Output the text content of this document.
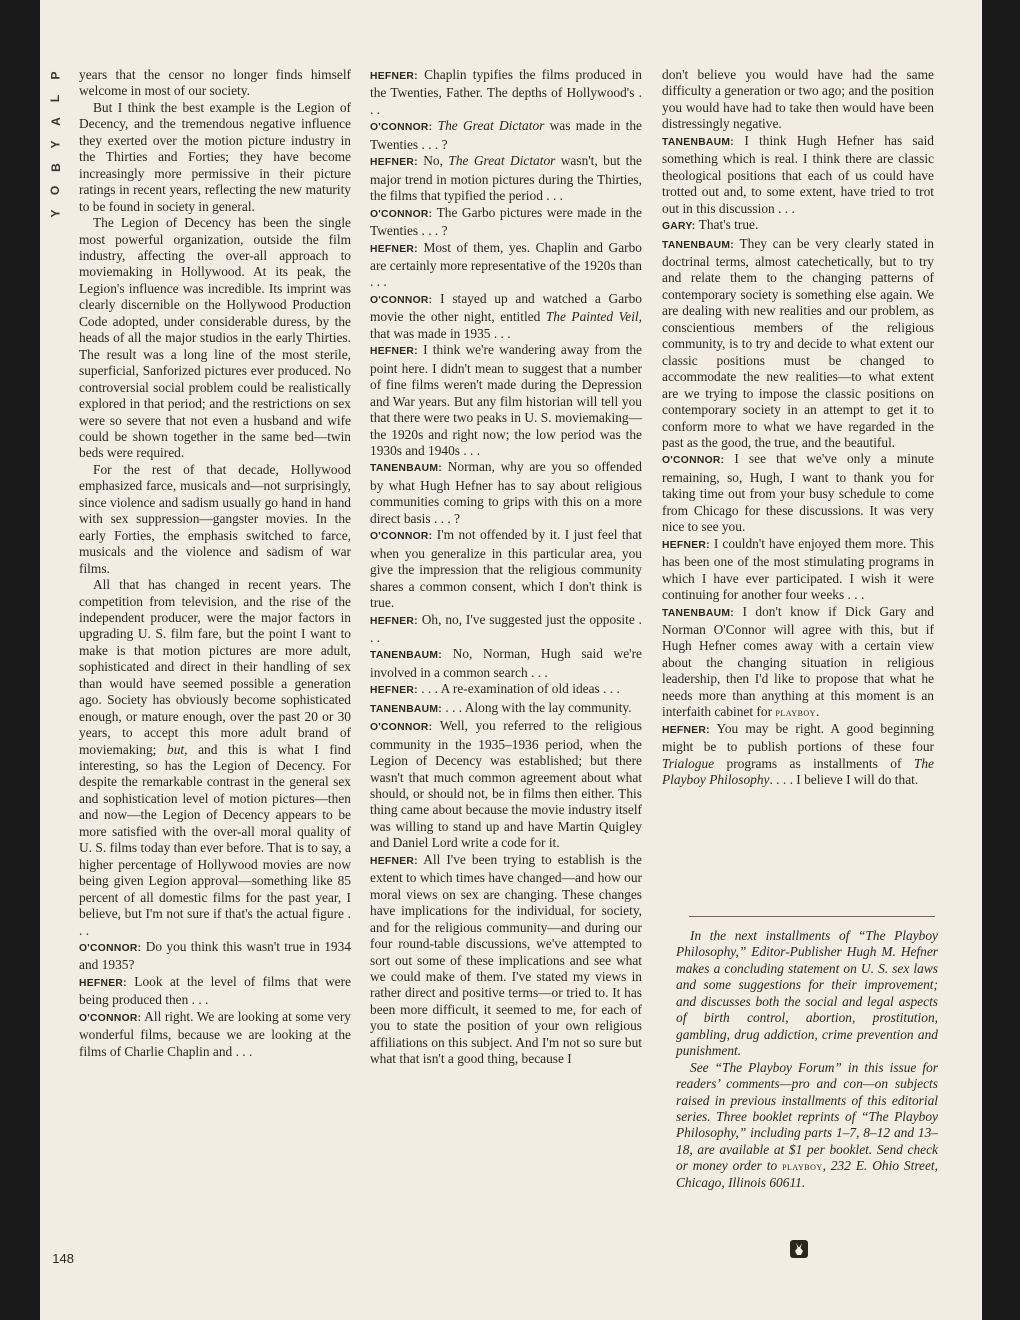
P
L
A
Y
B
O
Y

years that the censor no longer finds himself welcome in most of our society.

But I think the best example is the Legion of Decency, and the tremendous negative influence they exerted over the motion picture industry in the Thirties and Forties; they have become increasingly more permissive in their picture ratings in recent years, reflecting the new maturity to be found in society in general.

The Legion of Decency has been the single most powerful organization, outside the film industry, affecting the over-all approach to moviemaking in Hollywood. At its peak, the Legion's influence was incredible. Its imprint was clearly discernible on the Hollywood Production Code adopted, under considerable duress, by the heads of all the major studios in the early Thirties. The result was a long line of the most sterile, superficial, Sanforized pictures ever produced. No controversial social problem could be realistically explored in that period; and the restrictions on sex were so severe that not even a husband and wife could be shown together in the same bed—twin beds were required.

For the rest of that decade, Hollywood emphasized farce, musicals and—not surprisingly, since violence and sadism usually go hand in hand with sex suppression—gangster movies. In the early Forties, the emphasis switched to farce, musicals and the violence and sadism of war films.

All that has changed in recent years. The competition from television, and the rise of the independent producer, were the major factors in upgrading U. S. film fare, but the point I want to make is that motion pictures are more adult, sophisticated and direct in their handling of sex than would have seemed possible a generation ago. Society has obviously become sophisticated enough, or mature enough, over the past 20 or 30 years, to accept this more adult brand of moviemaking; but, and this is what I find interesting, so has the Legion of Decency. For despite the remarkable contrast in the general sex and sophistication level of motion pictures—then and now—the Legion of Decency appears to be more satisfied with the over-all moral quality of U. S. films today than ever before. That is to say, a higher percentage of Hollywood movies are now being given Legion approval—something like 85 percent of all domestic films for the past year, I believe, but I'm not sure if that's the actual figure . . .

O'CONNOR: Do you think this wasn't true in 1934 and 1935?

HEFNER: Look at the level of films that were being produced then . . .

O'CONNOR: All right. We are looking at some very wonderful films, because we are looking at the films of Charlie Chaplin and . . .

HEFNER: Chaplin typifies the films produced in the Twenties, Father. The depths of Hollywood's . . .

O'CONNOR: The Great Dictator was made in the Twenties . . . ?

HEFNER: No, The Great Dictator wasn't, but the major trend in motion pictures during the Thirties, the films that typified the period . . .

O'CONNOR: The Garbo pictures were made in the Twenties . . . ?

HEFNER: Most of them, yes. Chaplin and Garbo are certainly more representative of the 1920s than . . .

O'CONNOR: I stayed up and watched a Garbo movie the other night, entitled The Painted Veil, that was made in 1935 . . .

HEFNER: I think we're wandering away from the point here. I didn't mean to suggest that a number of fine films weren't made during the Depression and War years. But any film historian will tell you that there were two peaks in U. S. moviemaking—the 1920s and right now; the low period was the 1930s and 1940s . . .

TANENBAUM: Norman, why are you so offended by what Hugh Hefner has to say about religious communities coming to grips with this on a more direct basis . . . ?

O'CONNOR: I'm not offended by it. I just feel that when you generalize in this particular area, you give the impression that the religious community shares a common consent, which I don't think is true.

HEFNER: Oh, no, I've suggested just the opposite . . .

TANENBAUM: No, Norman, Hugh said we're involved in a common search . . .

HEFNER: . . . A re-examination of old ideas . . .

TANENBAUM: . . . Along with the lay community.

O'CONNOR: Well, you referred to the religious community in the 1935–1936 period, when the Legion of Decency was established; but there wasn't that much common agreement about what should, or should not, be in films then either. This thing came about because the movie industry itself was willing to stand up and have Martin Quigley and Daniel Lord write a code for it.

HEFNER: All I've been trying to establish is the extent to which times have changed—and how our moral views on sex are changing. These changes have implications for the individual, for society, and for the religious community—and during our four round-table discussions, we've attempted to sort out some of these implications and see what we could make of them. I've stated my views in rather direct and positive terms—or tried to. It has been more difficult, it seemed to me, for each of you to state the position of your own religious affiliations on this subject. And I'm not so sure but what that isn't a good thing, because I

don't believe you would have had the same difficulty a generation or two ago; and the position you would have had to take then would have been distressingly negative.

TANENBAUM: I think Hugh Hefner has said something which is real. I think there are classic theological positions that each of us could have trotted out and, to some extent, have tried to trot out in this discussion . . .

GARY: That's true.

TANENBAUM: They can be very clearly stated in doctrinal terms, almost catechetically, but to try and relate them to the changing patterns of contemporary society is something else again. We are dealing with new realities and our problem, as conscientious members of the religious community, is to try and decide to what extent our classic positions must be changed to accommodate the new realities—to what extent are we trying to impose the classic positions on contemporary society in an attempt to get it to conform more to what we have regarded in the past as the good, the true, and the beautiful.

O'CONNOR: I see that we've only a minute remaining, so, Hugh, I want to thank you for taking time out from your busy schedule to come from Chicago for these discussions. It was very nice to see you.

HEFNER: I couldn't have enjoyed them more. This has been one of the most stimulating programs in which I have ever participated. I wish it were continuing for another four weeks . . .

TANENBAUM: I don't know if Dick Gary and Norman O'Connor will agree with this, but if Hugh Hefner comes away with a certain view about the changing situation in religious leadership, then I'd like to propose that what he needs more than anything at this moment is an interfaith cabinet for playboy.

HEFNER: You may be right. A good beginning might be to publish portions of these four Trialogue programs as installments of The Playboy Philosophy. . . . I believe I will do that.

In the next installments of “The Playboy Philosophy,” Editor-Publisher Hugh M. Hefner makes a concluding statement on U. S. sex laws and some suggestions for their improvement; and discusses both the social and legal aspects of birth control, abortion, prostitution, gambling, drug addiction, crime prevention and punishment.

See “The Playboy Forum” in this issue for readers’ comments—pro and con—on subjects raised in previous installments of this editorial series. Three booklet reprints of “The Playboy Philosophy,” including parts 1–7, 8–12 and 13–18, are available at $1 per booklet. Send check or money order to playboy, 232 E. Ohio Street, Chicago, Illinois 60611.

148
